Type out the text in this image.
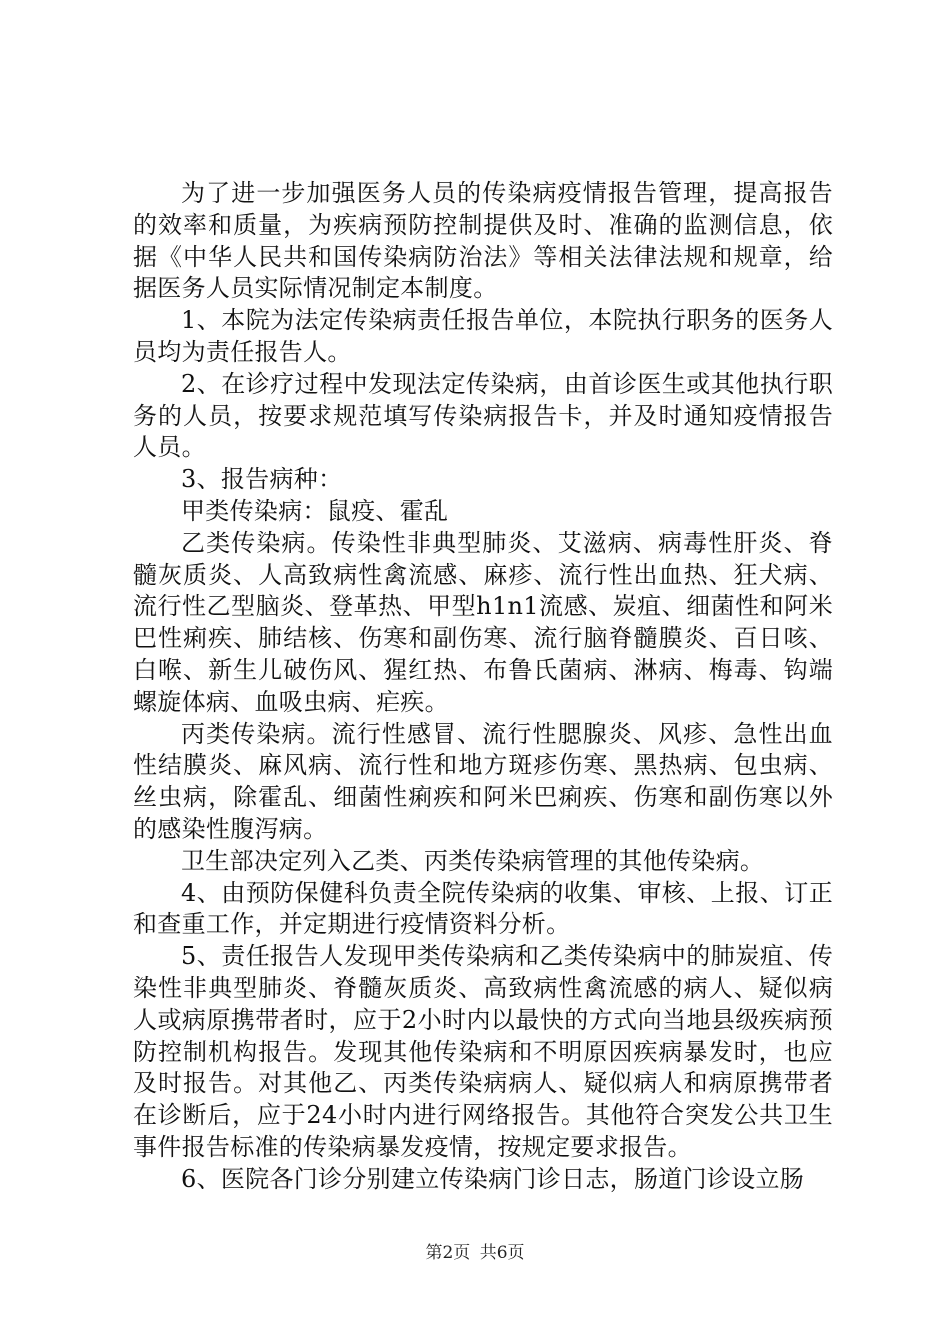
为了进一步加强医务人员的传染病疫情报告管理，提高报告的效率和质量，为疾病预防控制提供及时、准确的监测信息，依据《中华人民共和国传染病防治法》等相关法律法规和规章，给据医务人员实际情况制定本制度。

1、本院为法定传染病责任报告单位，本院执行职务的医务人员均为责任报告人。

2、在诊疗过程中发现法定传染病，由首诊医生或其他执行职务的人员，按要求规范填写传染病报告卡，并及时通知疫情报告人员。

3、报告病种：

甲类传染病：鼠疫、霍乱

乙类传染病。传染性非典型肺炎、艾滋病、病毒性肝炎、脊髓灰质炎、人高致病性禽流感、麻疹、流行性出血热、狂犬病、流行性乙型脑炎、登革热、甲型h1n1流感、炭疽、细菌性和阿米巴性痢疾、肺结核、伤寒和副伤寒、流行脑脊髓膜炎、百日咳、白喉、新生儿破伤风、猩红热、布鲁氏菌病、淋病、梅毒、钩端螺旋体病、血吸虫病、疟疾。

丙类传染病。流行性感冒、流行性腮腺炎、风疹、急性出血性结膜炎、麻风病、流行性和地方斑疹伤寒、黑热病、包虫病、丝虫病，除霍乱、细菌性痢疾和阿米巴痢疾、伤寒和副伤寒以外的感染性腹泻病。

卫生部决定列入乙类、丙类传染病管理的其他传染病。

4、由预防保健科负责全院传染病的收集、审核、上报、订正和查重工作，并定期进行疫情资料分析。

5、责任报告人发现甲类传染病和乙类传染病中的肺炭疽、传染性非典型肺炎、脊髓灰质炎、高致病性禽流感的病人、疑似病人或病原携带者时，应于2小时内以最快的方式向当地县级疾病预防控制机构报告。发现其他传染病和不明原因疾病暴发时，也应及时报告。对其他乙、丙类传染病病人、疑似病人和病原携带者在诊断后，应于24小时内进行网络报告。其他符合突发公共卫生事件报告标准的传染病暴发疫情，按规定要求报告。

6、医院各门诊分别建立传染病门诊日志，肠道门诊设立肠

第2页 共6页
